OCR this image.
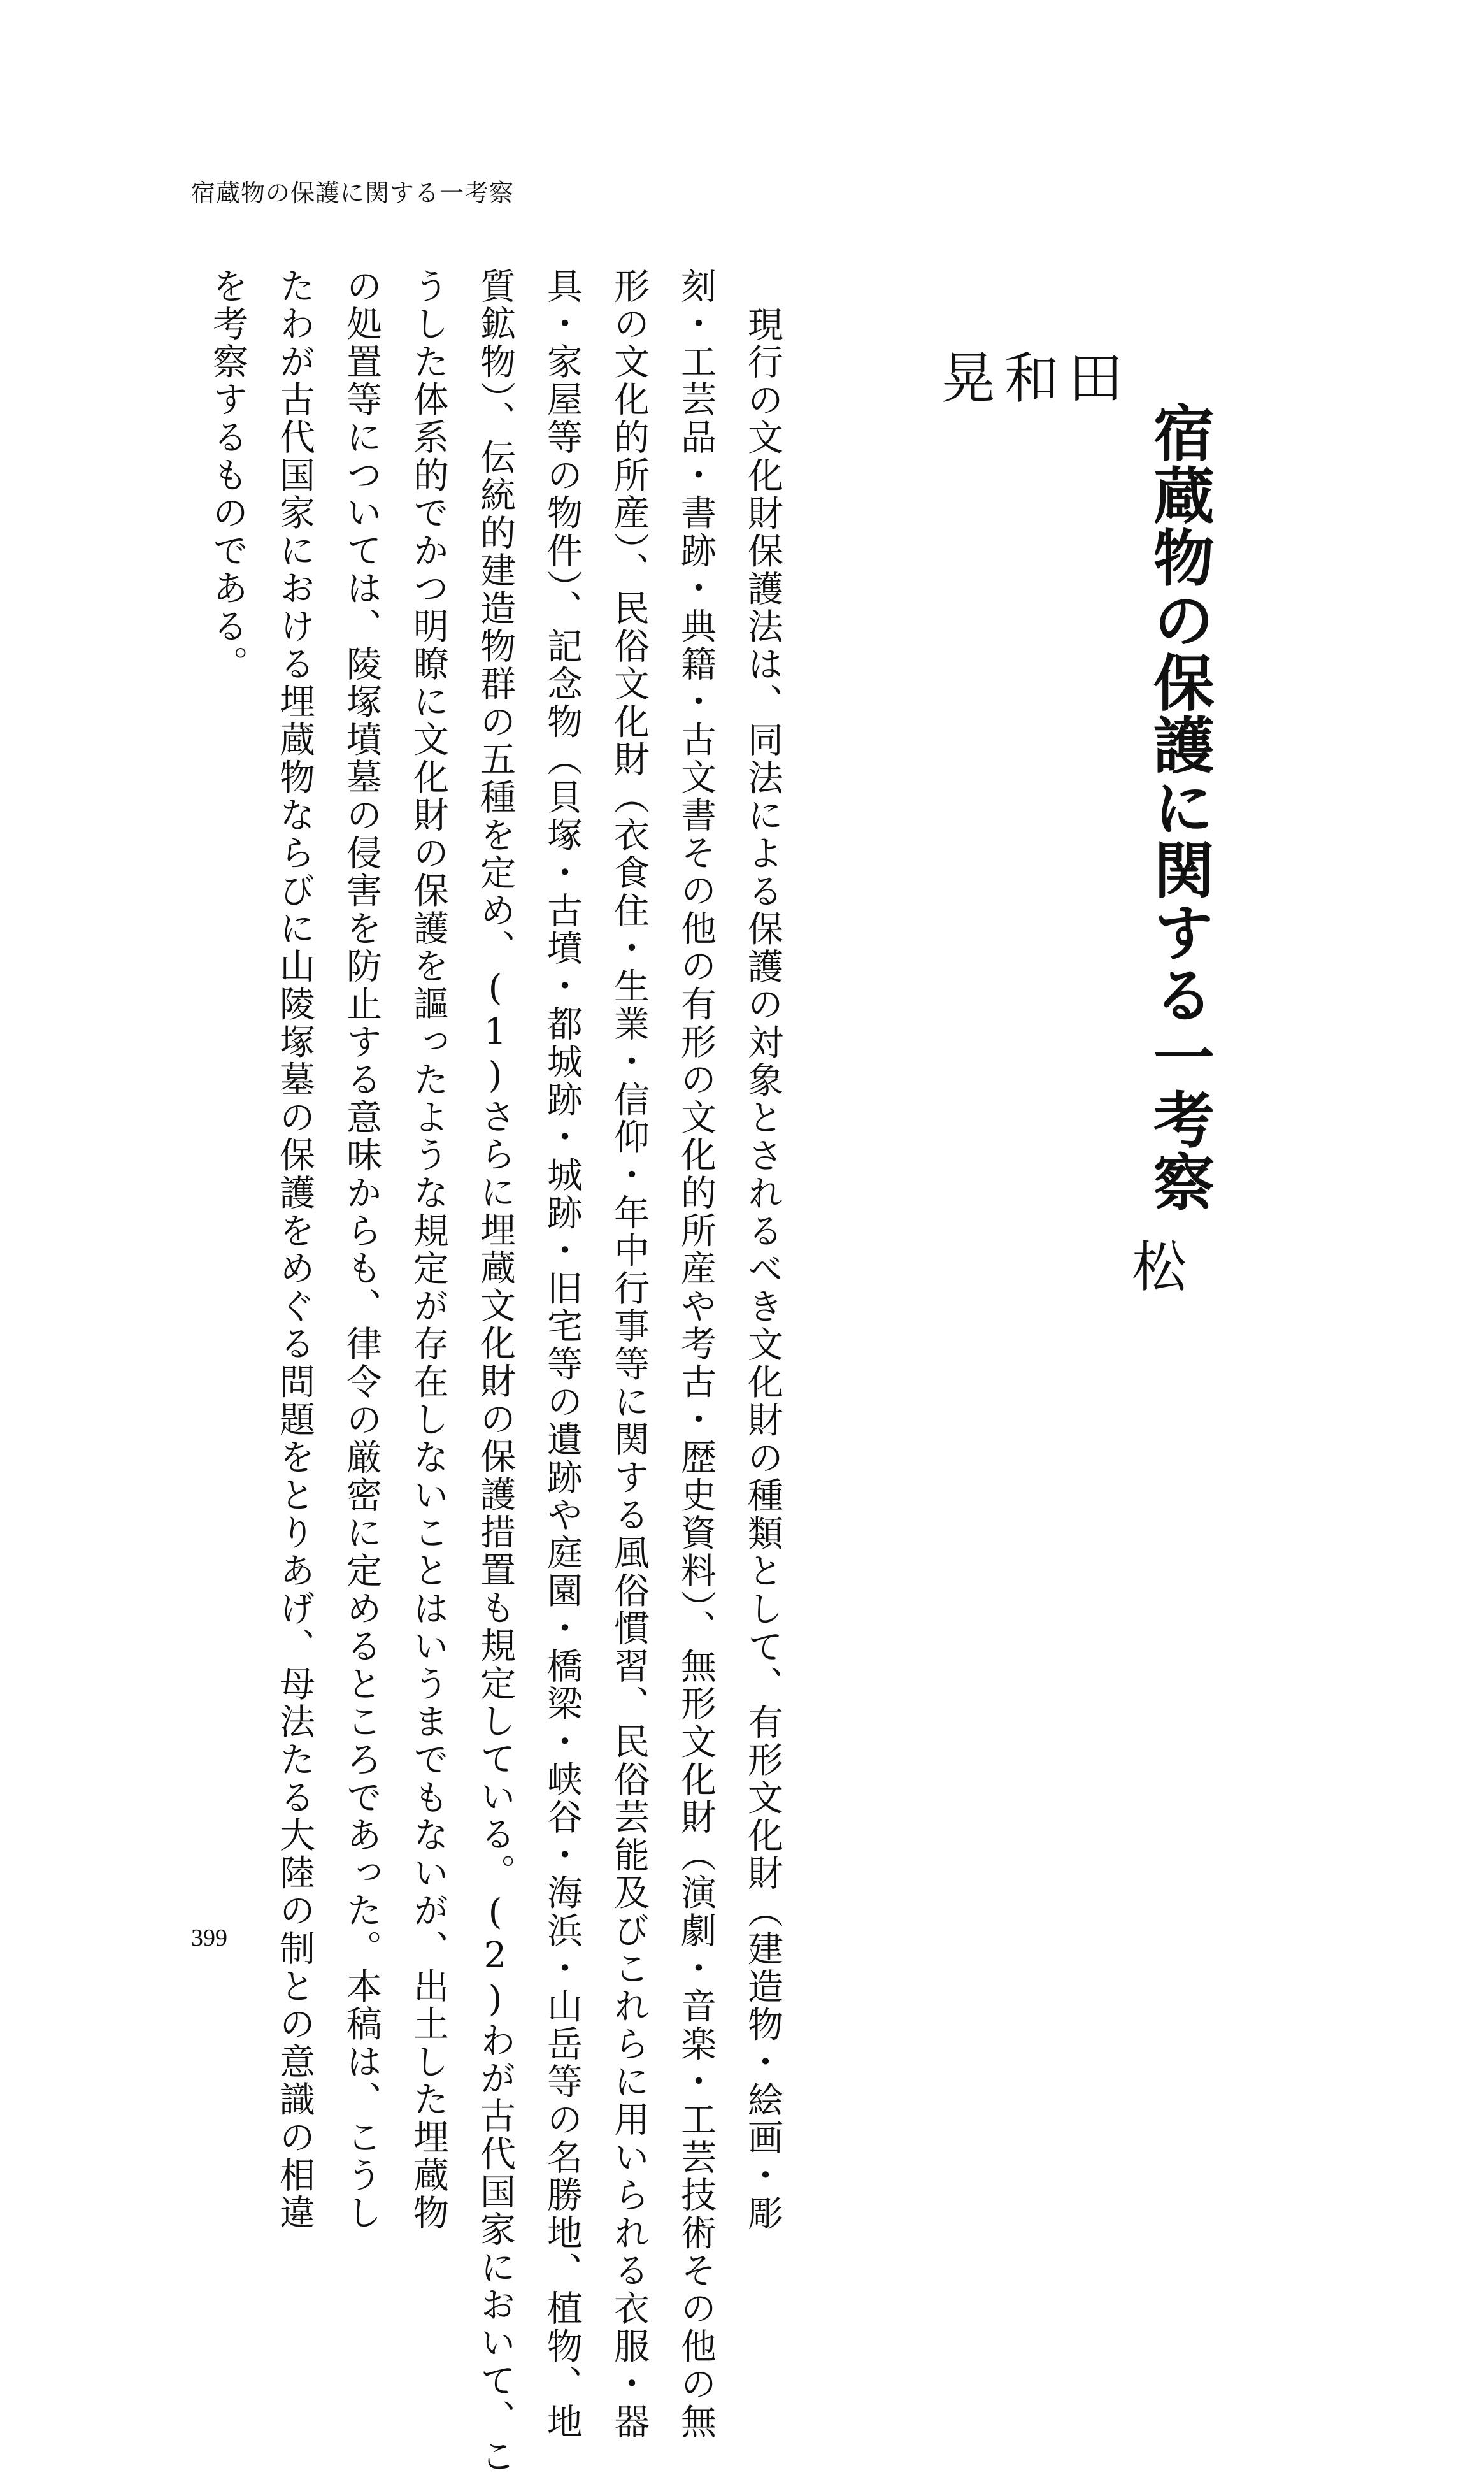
宿蔵物の保護に関する一考察
宿蔵物の保護に関する一考察
松
田
和
晃
現行の文化財保護法は、同法による保護の対象とされるべき文化財の種類として、有形文化財（建造物・絵画・彫
刻・工芸品・書跡・典籍・古文書その他の有形の文化的所産や考古・歴史資料）、無形文化財（演劇・音楽・工芸技術その他の無
形の文化的所産）、民俗文化財（衣食住・生業・信仰・年中行事等に関する風俗慣習、民俗芸能及びこれらに用いられる衣服・器
具・家屋等の物件）、記念物（貝塚・古墳・都城跡・城跡・旧宅等の遺跡や庭園・橋梁・峡谷・海浜・山岳等の名勝地、植物、地
質鉱物）、伝統的建造物群の五種を定め、(1)さらに埋蔵文化財の保護措置も規定している。(2)わが古代国家において、こ
うした体系的でかつ明瞭に文化財の保護を謳ったような規定が存在しないことはいうまでもないが、出土した埋蔵物
の処置等については、陵塚墳墓の侵害を防止する意味からも、律令の厳密に定めるところであった。本稿は、こうし
たわが古代国家における埋蔵物ならびに山陵塚墓の保護をめぐる問題をとりあげ、母法たる大陸の制との意識の相違
を考察するものである。
399
